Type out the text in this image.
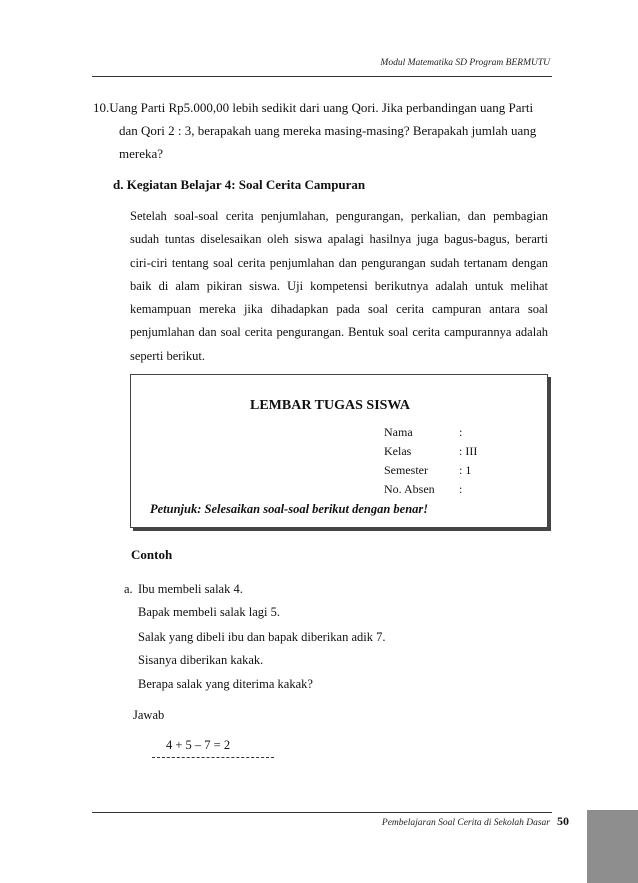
Modul Matematika SD Program BERMUTU
10.Uang Parti Rp5.000,00 lebih sedikit dari uang Qori. Jika perbandingan uang Parti
dan Qori 2 : 3, berapakah uang mereka masing-masing? Berapakah jumlah uang
mereka?
d. Kegiatan Belajar 4: Soal Cerita Campuran
Setelah soal-soal cerita penjumlahan, pengurangan, perkalian, dan pembagian
sudah tuntas diselesaikan oleh siswa apalagi hasilnya juga bagus-bagus, berarti
ciri-ciri tentang soal cerita penjumlahan dan pengurangan sudah tertanam dengan
baik di alam pikiran siswa. Uji kompetensi berikutnya adalah untuk melihat
kemampuan mereka jika dihadapkan pada soal cerita campuran antara soal
penjumlahan dan soal cerita pengurangan. Bentuk soal cerita campurannya adalah
seperti berikut.
LEMBAR TUGAS SISWA
Nama	:
Kelas	: III
Semester	: 1
No. Absen :
Petunjuk: Selesaikan soal-soal berikut dengan benar!
Contoh
a. Ibu membeli salak 4.
Bapak membeli salak lagi 5.
Salak yang dibeli ibu dan bapak diberikan adik 7.
Sisanya diberikan kakak.
Berapa salak yang diterima kakak?
Jawab
4 + 5 – 7 = 2
Pembelajaran Soal Cerita di Sekolah Dasar 50
